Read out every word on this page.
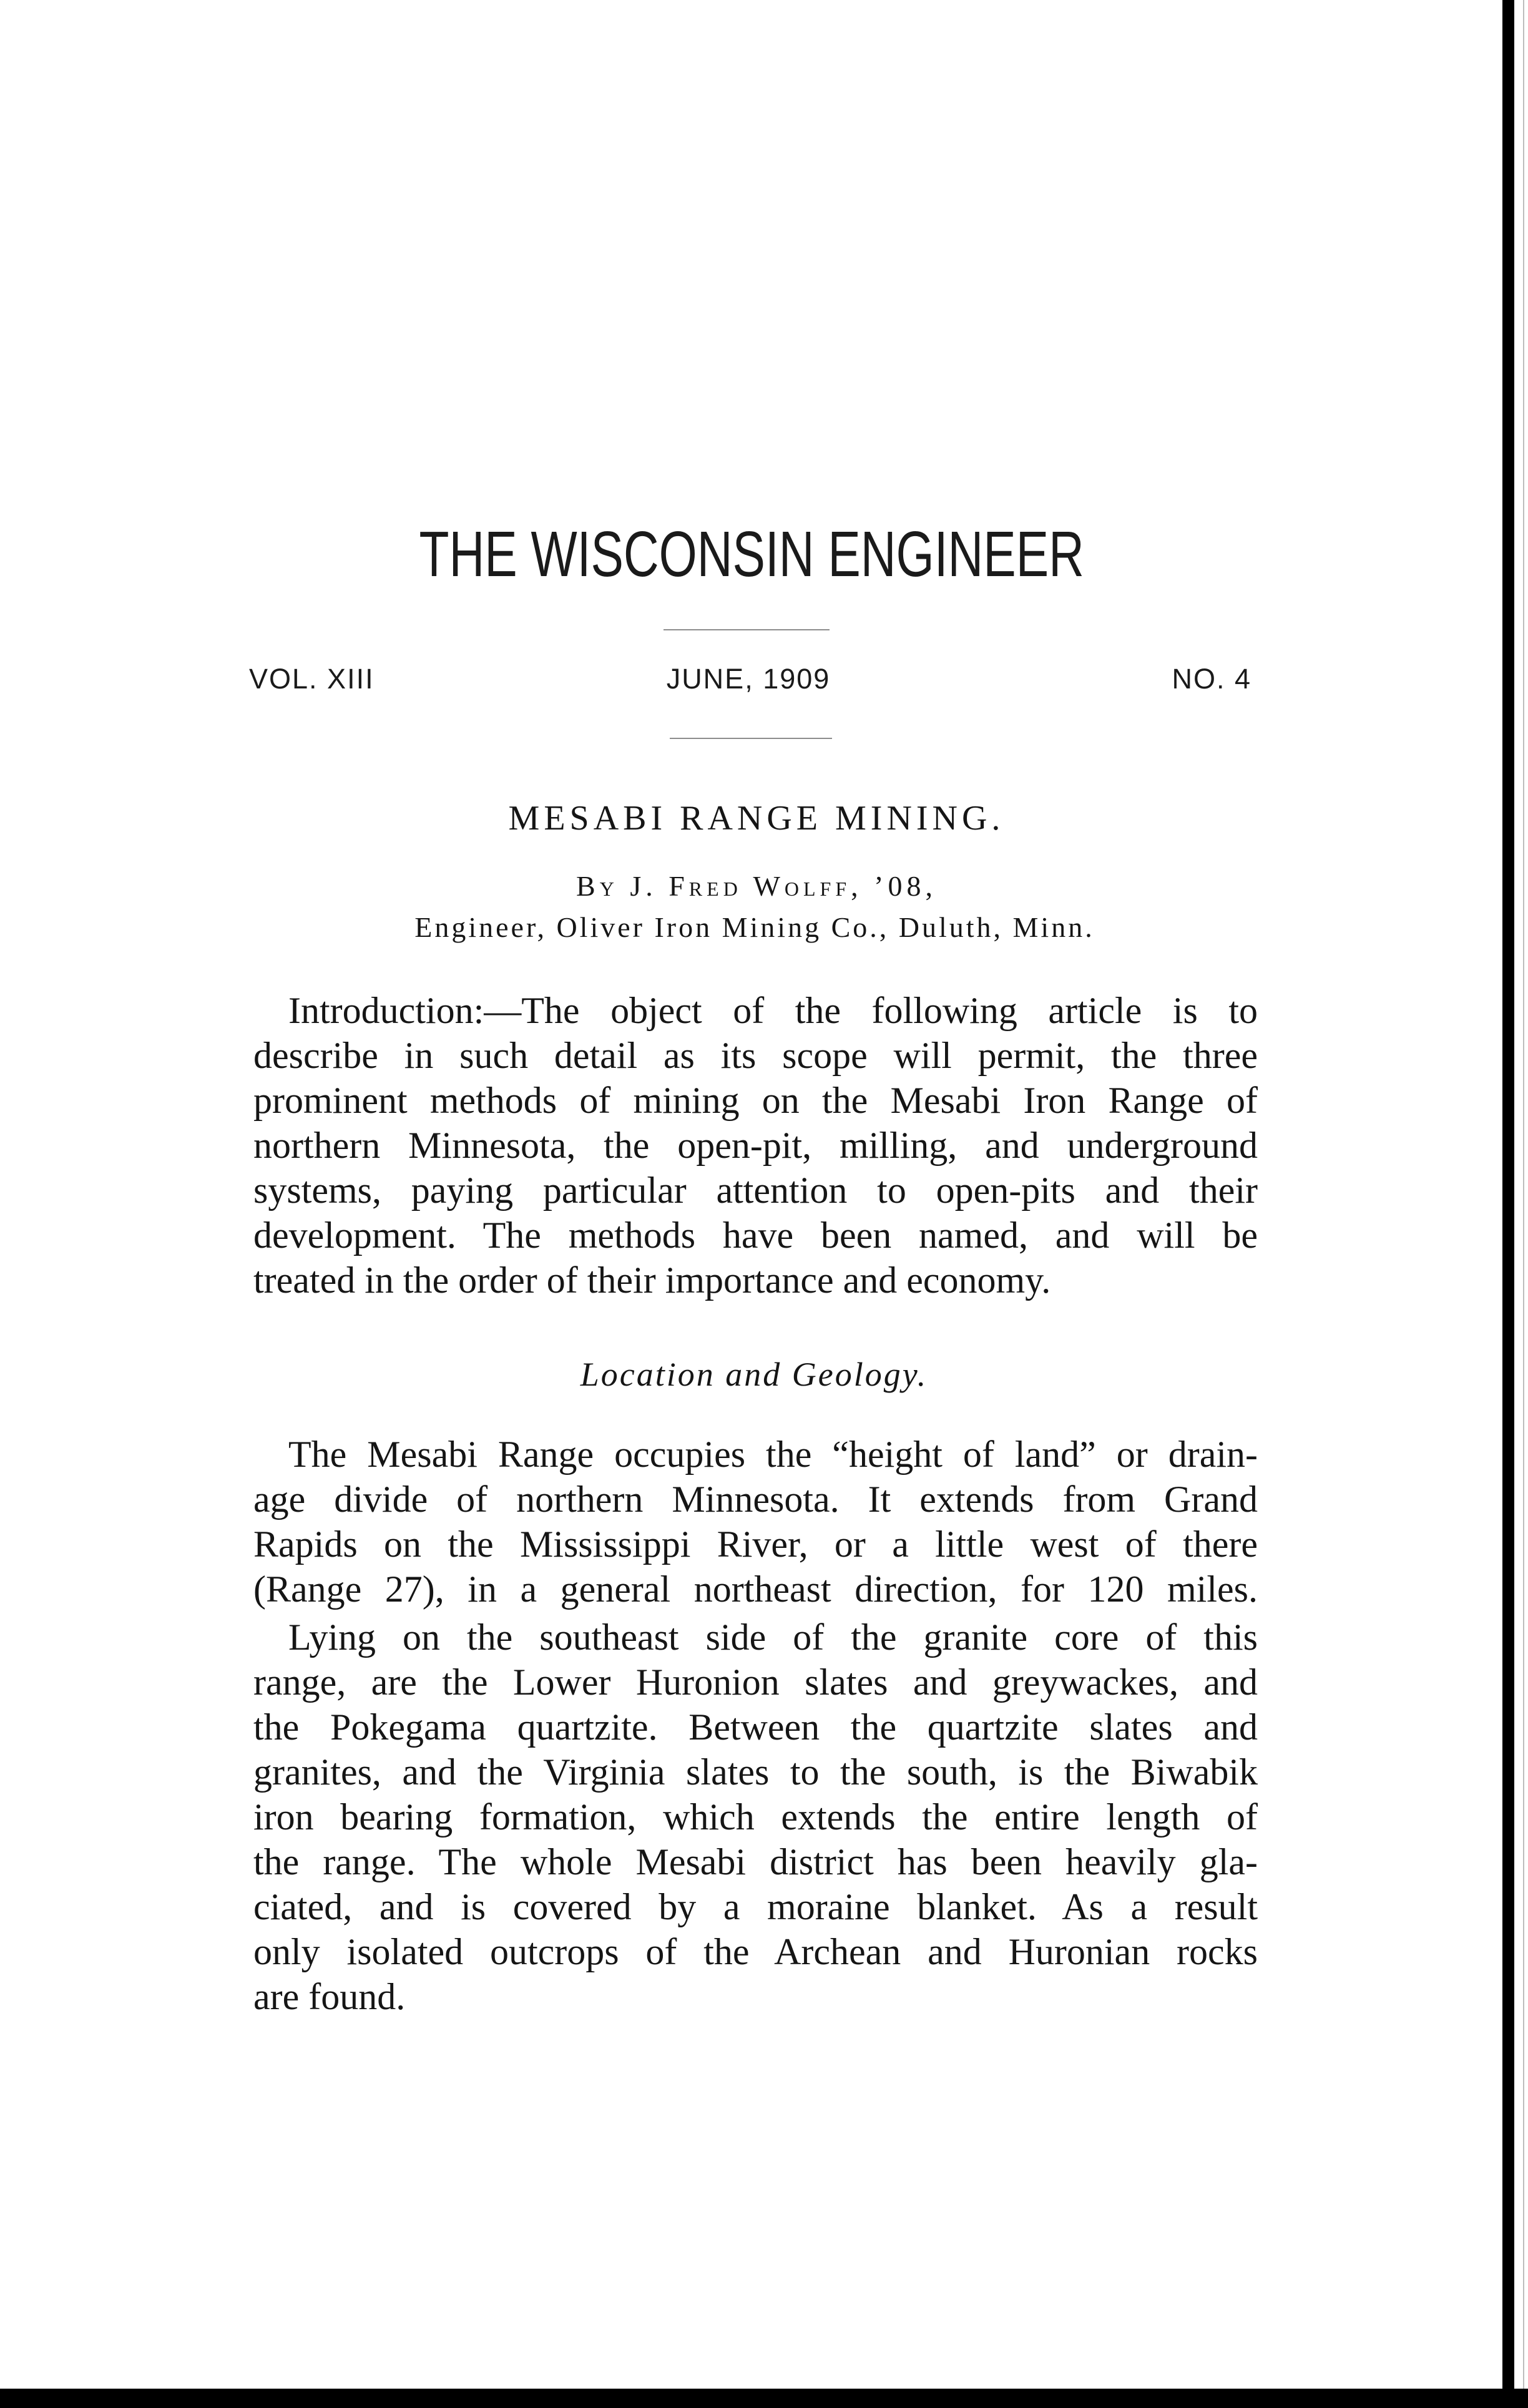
THE WISCONSIN ENGINEER
VOL. XIII	JUNE, 1909	NO. 4
MESABI RANGE MINING.
By J. Fred Wolff, ’08,
Engineer, Oliver Iron Mining Co., Duluth, Minn.
Introduction:—The object of the following article is to
describe in such detail as its scope will permit, the three
prominent methods of mining on the Mesabi Iron Range of
northern Minnesota, the open-pit, milling, and underground
systems, paying particular attention to open-pits and their
development. The methods have been named, and will be
treated in the order of their importance and economy.
Location and Geology.
The Mesabi Range occupies the “height of land” or drain-
age divide of northern Minnesota. It extends from Grand
Rapids on the Mississippi River, or a little west of there
(Range 27), in a general northeast direction, for 120 miles.
Lying on the southeast side of the granite core of this
range, are the Lower Huronion slates and greywackes, and
the Pokegama quartzite. Between the quartzite slates and
granites, and the Virginia slates to the south, is the Biwabik
iron bearing formation, which extends the entire length of
the range. The whole Mesabi district has been heavily gla-
ciated, and is covered by a moraine blanket. As a result
only isolated outcrops of the Archean and Huronian rocks
are found.
